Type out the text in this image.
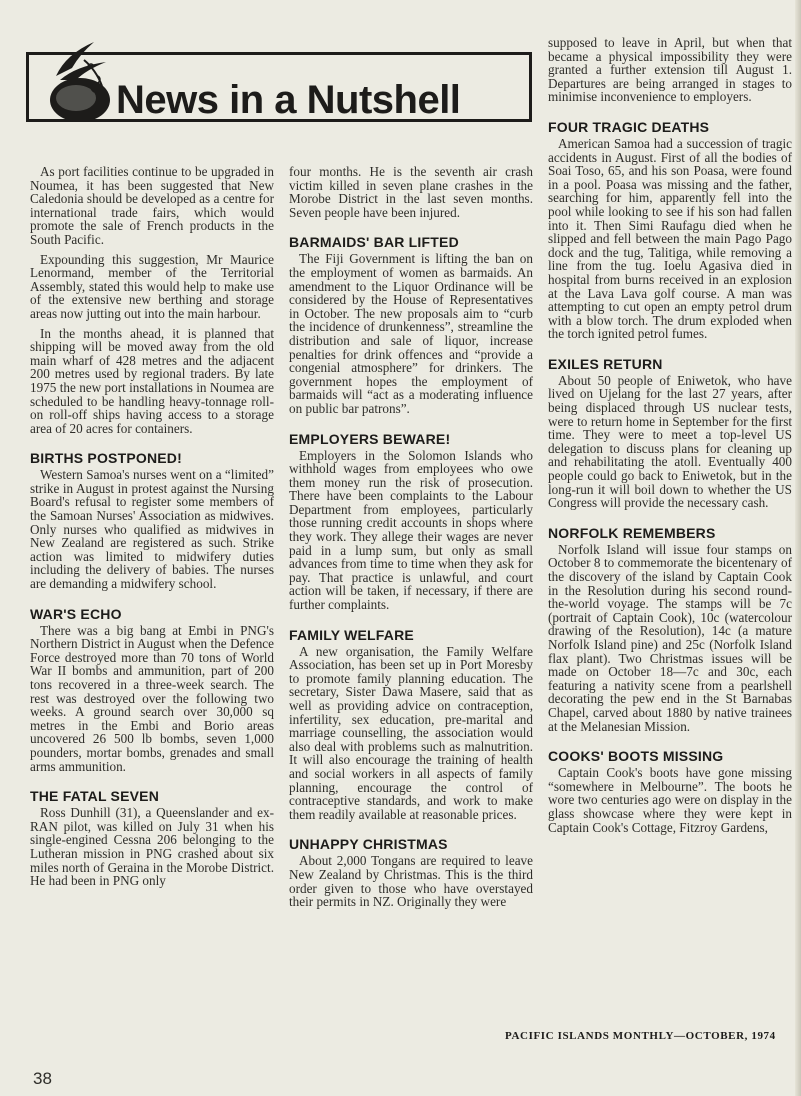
News in a Nutshell

As port facilities continue to be upgraded in Noumea, it has been suggested that New Caledonia should be developed as a centre for international trade fairs, which would promote the sale of French products in the South Pacific.

Expounding this suggestion, Mr Maurice Lenormand, member of the Territorial Assembly, stated this would help to make use of the extensive new berthing and storage areas now jutting out into the main harbour.

In the months ahead, it is planned that shipping will be moved away from the old main wharf of 428 metres and the adjacent 200 metres used by regional traders. By late 1975 the new port installations in Noumea are scheduled to be handling heavy-tonnage roll-on roll-off ships having access to a storage area of 20 acres for containers.

BIRTHS POSTPONED!

Western Samoa's nurses went on a “limited” strike in August in protest against the Nursing Board's refusal to register some members of the Samoan Nurses' Association as midwives. Only nurses who qualified as midwives in New Zealand are registered as such. Strike action was limited to midwifery duties including the delivery of babies. The nurses are demanding a midwifery school.

WAR'S ECHO

There was a big bang at Embi in PNG's Northern District in August when the Defence Force destroyed more than 70 tons of World War II bombs and ammunition, part of 200 tons recovered in a three-week search. The rest was destroyed over the following two weeks. A ground search over 30,000 sq metres in the Embi and Borio areas uncovered 26 500 lb bombs, seven 1,000 pounders, mortar bombs, grenades and small arms ammunition.

THE FATAL SEVEN

Ross Dunhill (31), a Queenslander and ex-RAN pilot, was killed on July 31 when his single-engined Cessna 206 belonging to the Lutheran mission in PNG crashed about six miles north of Geraina in the Morobe District. He had been in PNG only

four months. He is the seventh air crash victim killed in seven plane crashes in the Morobe District in the last seven months. Seven people have been injured.

BARMAIDS' BAR LIFTED

The Fiji Government is lifting the ban on the employment of women as barmaids. An amendment to the Liquor Ordinance will be considered by the House of Representatives in October. The new proposals aim to “curb the incidence of drunkenness”, streamline the distribution and sale of liquor, increase penalties for drink offences and “provide a congenial atmosphere” for drinkers. The government hopes the employment of barmaids will “act as a moderating influence on public bar patrons”.

EMPLOYERS BEWARE!

Employers in the Solomon Islands who withhold wages from employees who owe them money run the risk of prosecution. There have been complaints to the Labour Department from employees, particularly those running credit accounts in shops where they work. They allege their wages are never paid in a lump sum, but only as small advances from time to time when they ask for pay. That practice is unlawful, and court action will be taken, if necessary, if there are further complaints.

FAMILY WELFARE

A new organisation, the Family Welfare Association, has been set up in Port Moresby to promote family planning education. The secretary, Sister Dawa Masere, said that as well as providing advice on contraception, infertility, sex education, pre-marital and marriage counselling, the association would also deal with problems such as malnutrition. It will also encourage the training of health and social workers in all aspects of family planning, encourage the control of contraceptive standards, and work to make them readily available at reasonable prices.

UNHAPPY CHRISTMAS

About 2,000 Tongans are required to leave New Zealand by Christmas. This is the third order given to those who have overstayed their permits in NZ. Originally they were

supposed to leave in April, but when that became a physical impossibility they were granted a further extension till August 1. Departures are being arranged in stages to minimise inconvenience to employers.

FOUR TRAGIC DEATHS

American Samoa had a succession of tragic accidents in August. First of all the bodies of Soai Toso, 65, and his son Poasa, were found in a pool. Poasa was missing and the father, searching for him, apparently fell into the pool while looking to see if his son had fallen into it. Then Simi Raufagu died when he slipped and fell between the main Pago Pago dock and the tug, Talitiga, while removing a line from the tug. Ioelu Agasiva died in hospital from burns received in an explosion at the Lava Lava golf course. A man was attempting to cut open an empty petrol drum with a blow torch. The drum exploded when the torch ignited petrol fumes.

EXILES RETURN

About 50 people of Eniwetok, who have lived on Ujelang for the last 27 years, after being displaced through US nuclear tests, were to return home in September for the first time. They were to meet a top-level US delegation to discuss plans for cleaning up and rehabilitating the atoll. Eventually 400 people could go back to Eniwetok, but in the long-run it will boil down to whether the US Congress will provide the necessary cash.

NORFOLK REMEMBERS

Norfolk Island will issue four stamps on October 8 to commemorate the bicentenary of the discovery of the island by Captain Cook in the Resolution during his second round-the-world voyage. The stamps will be 7c (portrait of Captain Cook), 10c (watercolour drawing of the Resolution), 14c (a mature Norfolk Island pine) and 25c (Norfolk Island flax plant). Two Christmas issues will be made on October 18—7c and 30c, each featuring a nativity scene from a pearlshell decorating the pew end in the St Barnabas Chapel, carved about 1880 by native trainees at the Melanesian Mission.

COOKS' BOOTS MISSING

Captain Cook's boots have gone missing “somewhere in Melbourne”. The boots he wore two centuries ago were on display in the glass showcase where they were kept in Captain Cook's Cottage, Fitzroy Gardens,

PACIFIC ISLANDS MONTHLY—OCTOBER, 1974
38
